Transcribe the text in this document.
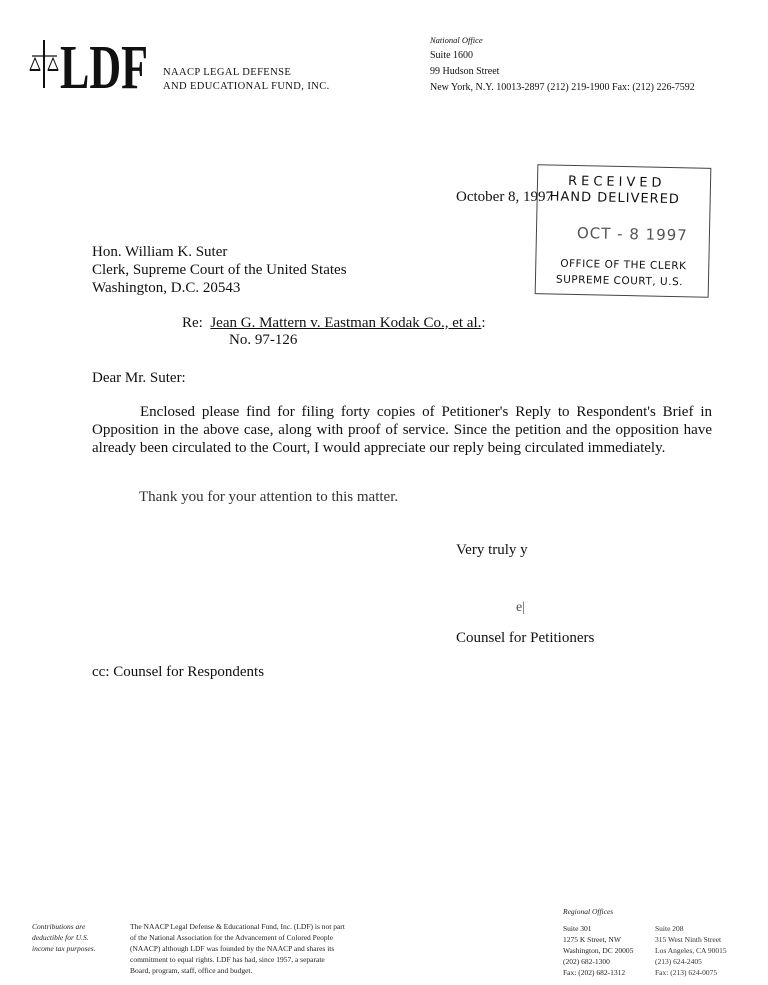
LDF NAACP LEGAL DEFENSE
AND EDUCATIONAL FUND, INC.
National Office
Suite 1600
99 Hudson Street
New York, N.Y. 10013-2897 (212) 219-1900 Fax: (212) 226-7592
October 8, 1997
RECEIVED
HAND DELIVERED
OCT - 8 1997
OFFICE OF THE CLERK
SUPREME COURT, U.S.
Hon. William K. Suter
Clerk, Supreme Court of the United States
Washington, D.C. 20543
Re: Jean G. Mattern v. Eastman Kodak Co., et al.:
No. 97-126
Dear Mr. Suter:
Enclosed please find for filing forty copies of Petitioner's Reply to Respondent's Brief in Opposition in the above case, along with proof of service. Since the petition and the opposition have already been circulated to the Court, I would appreciate our reply being circulated immediately.
Thank you for your attention to this matter.
Very truly y
e|
Counsel for Petitioners
cc: Counsel for Respondents
Contributions are
deductible for U.S.
income tax purposes.
The NAACP Legal Defense & Educational Fund, Inc. (LDF) is not part
of the National Association for the Advancement of Colored People
(NAACP) although LDF was founded by the NAACP and shares its
commitment to equal rights. LDF has had, since 1957, a separate
Board, program, staff, office and budget.
Regional Offices
Suite 301
1275 K Street, NW
Washington, DC 20005
(202) 682-1300
Fax: (202) 682-1312
Suite 208
315 West Ninth Street
Los Angeles, CA 90015
(213) 624-2405
Fax: (213) 624-0075
